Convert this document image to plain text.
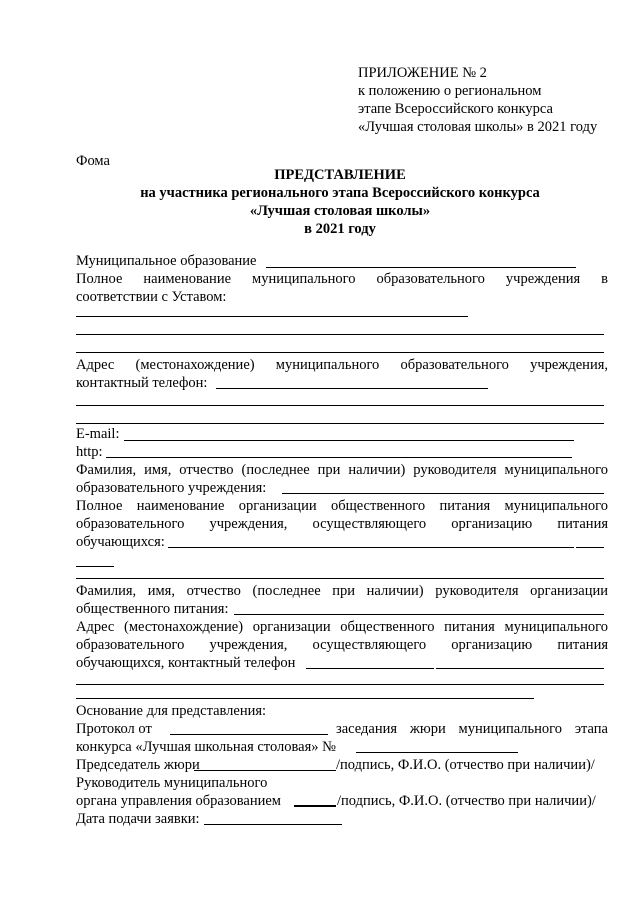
ПРИЛОЖЕНИЕ № 2
к положению о региональном
этапе Всероссийского конкурса
«Лучшая столовая школы» в 2021 году
Фома
ПРЕДСТАВЛЕНИЕ
на участника регионального этапа Всероссийского конкурса
«Лучшая столовая школы»
в 2021 году
Муниципальное образование
Полное наименование муниципального образовательного учреждения в
соответствии с Уставом:
Адрес (местонахождение) муниципального образовательного учреждения,
контактный телефон:
E-mail:
http:
Фамилия, имя, отчество (последнее при наличии) руководителя муниципального
образовательного учреждения:
Полное наименование организации общественного питания муниципального
образовательного учреждения, осуществляющего организацию питания
обучающихся:
Фамилия, имя, отчество (последнее при наличии) руководителя организации
общественного питания:
Адрес (местонахождение) организации общественного питания муниципального
образовательного учреждения, осуществляющего организацию питания
обучающихся, контактный телефон
Основание для представления:
Протокол от	заседания жюри муниципального этапа
конкурса «Лучшая школьная столовая» №
Председатель жюри	/подпись, Ф.И.О. (отчество при наличии)/
Руководитель муниципального
органа управления образованием	/подпись, Ф.И.О. (отчество при наличии)/
Дата подачи заявки:
